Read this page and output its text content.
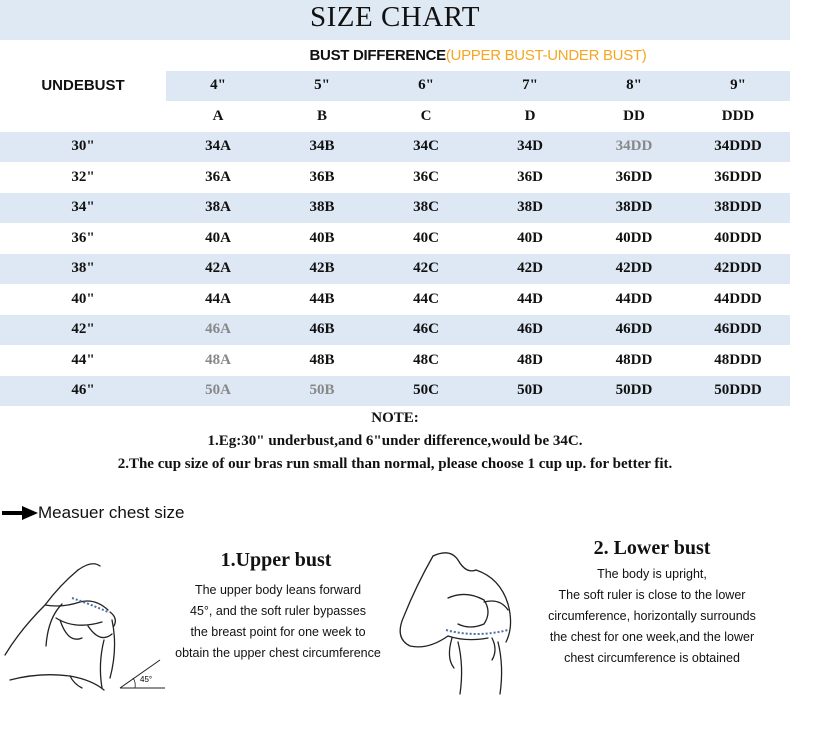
SIZE CHART
UNDEBUST	BUST DIFFERENCE(UPPER BUST-UNDER BUST)					
	4"	5"	6"	7"	8"	9"
	A	B	C	D	DD	DDD
30"	34A	34B	34C	34D	34DD	34DDD
32"	36A	36B	36C	36D	36DD	36DDD
34"	38A	38B	38C	38D	38DD	38DDD
36"	40A	40B	40C	40D	40DD	40DDD
38"	42A	42B	42C	42D	42DD	42DDD
40"	44A	44B	44C	44D	44DD	44DDD
42"	46A	46B	46C	46D	46DD	46DDD
44"	48A	48B	48C	48D	48DD	48DDD
46"	50A	50B	50C	50D	50DD	50DDD
NOTE:
1.Eg:30" underbust,and 6"under difference,would be 34C.
2.The cup size of our bras run small than normal, please choose 1 cup up. for better fit.
Measuer chest size
45°
1.Upper bust
The upper body leans forward
45°, and the soft ruler bypasses
the breast point for one week to
obtain the upper chest circumference
2. Lower bust
The body is upright,
The soft ruler is close to the lower
circumference, horizontally surrounds
the chest for one week,and the lower
chest circumference is obtained
